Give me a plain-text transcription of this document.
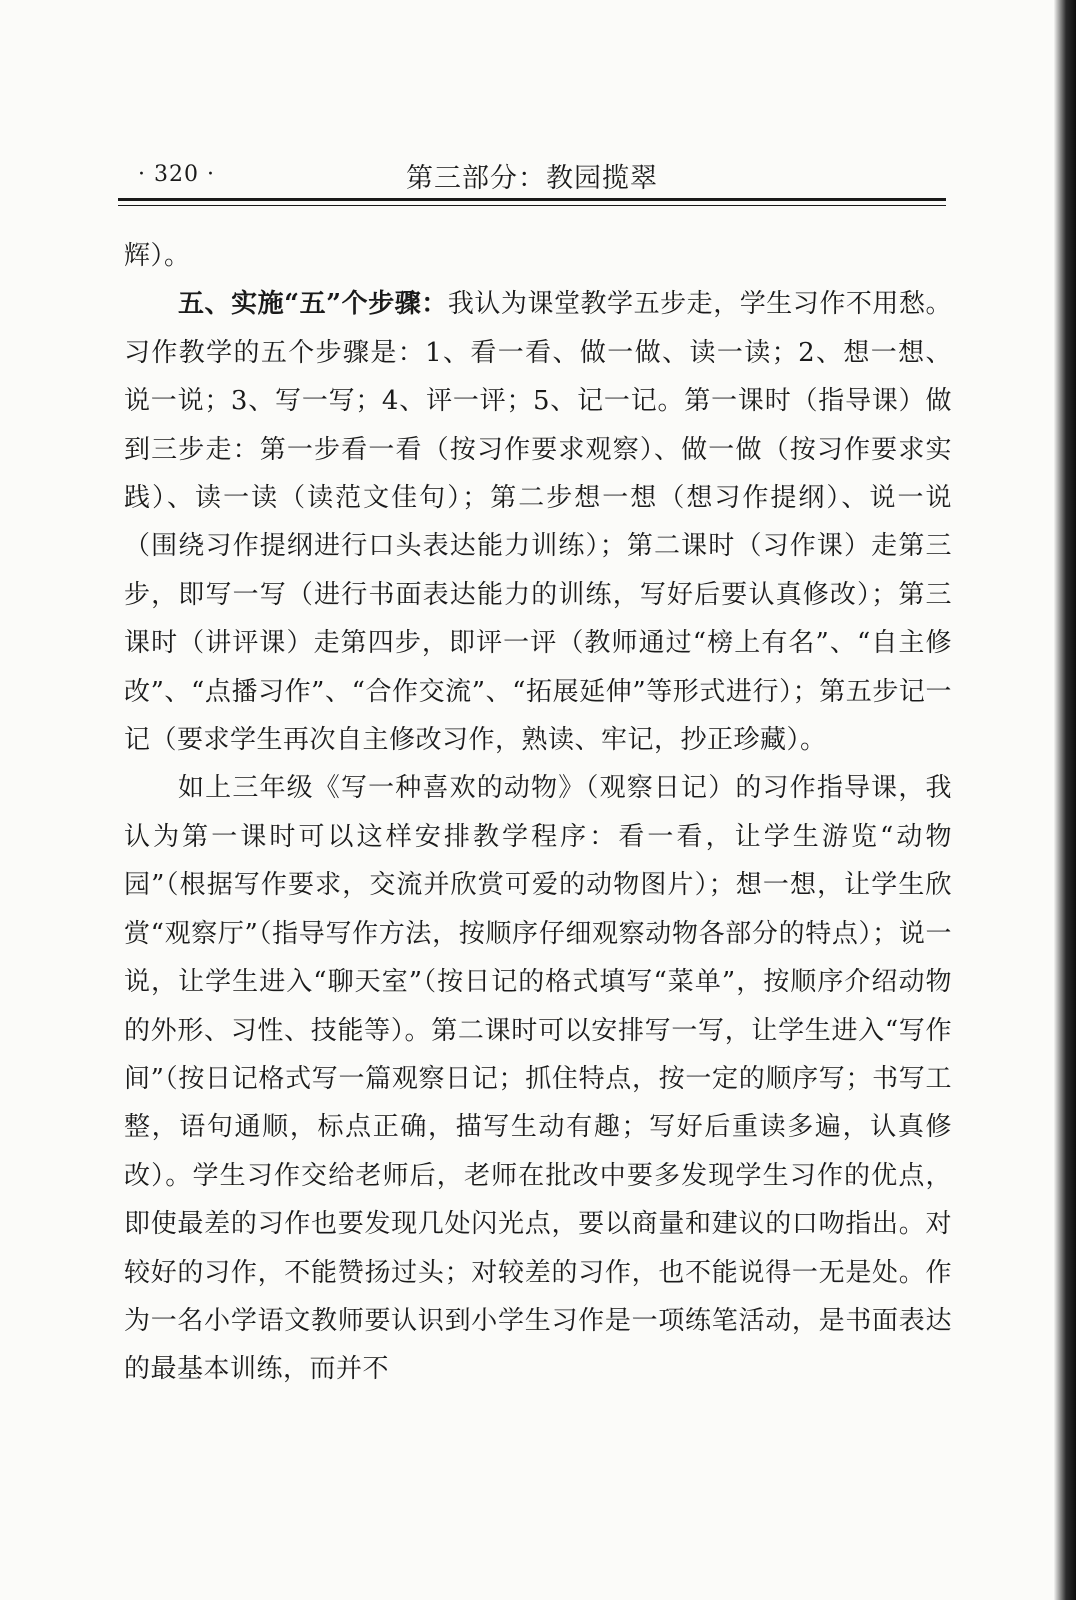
· 320 ·	第三部分：教园揽翠

辉）。

五、实施“五”个步骤：我认为课堂教学五步走，学生习作不用愁。习作教学的五个步骤是：1、看一看、做一做、读一读；2、想一想、说一说；3、写一写；4、评一评；5、记一记。第一课时（指导课）做到三步走：第一步看一看（按习作要求观察）、做一做（按习作要求实践）、读一读（读范文佳句）；第二步想一想（想习作提纲）、说一说（围绕习作提纲进行口头表达能力训练）；第二课时（习作课）走第三步，即写一写（进行书面表达能力的训练，写好后要认真修改）；第三课时（讲评课）走第四步，即评一评（教师通过“榜上有名”、“自主修改”、“点播习作”、“合作交流”、“拓展延伸”等形式进行）；第五步记一记（要求学生再次自主修改习作，熟读、牢记，抄正珍藏）。

如上三年级《写一种喜欢的动物》（观察日记）的习作指导课，我认为第一课时可以这样安排教学程序：看一看，让学生游览“动物园”（根据写作要求，交流并欣赏可爱的动物图片）；想一想，让学生欣赏“观察厅”（指导写作方法，按顺序仔细观察动物各部分的特点）；说一说，让学生进入“聊天室”（按日记的格式填写“菜单”，按顺序介绍动物的外形、习性、技能等）。第二课时可以安排写一写，让学生进入“写作间”（按日记格式写一篇观察日记；抓住特点，按一定的顺序写；书写工整，语句通顺，标点正确，描写生动有趣；写好后重读多遍，认真修改）。学生习作交给老师后，老师在批改中要多发现学生习作的优点，即使最差的习作也要发现几处闪光点，要以商量和建议的口吻指出。对较好的习作，不能赞扬过头；对较差的习作，也不能说得一无是处。作为一名小学语文教师要认识到小学生习作是一项练笔活动，是书面表达的最基本训练，而并不
